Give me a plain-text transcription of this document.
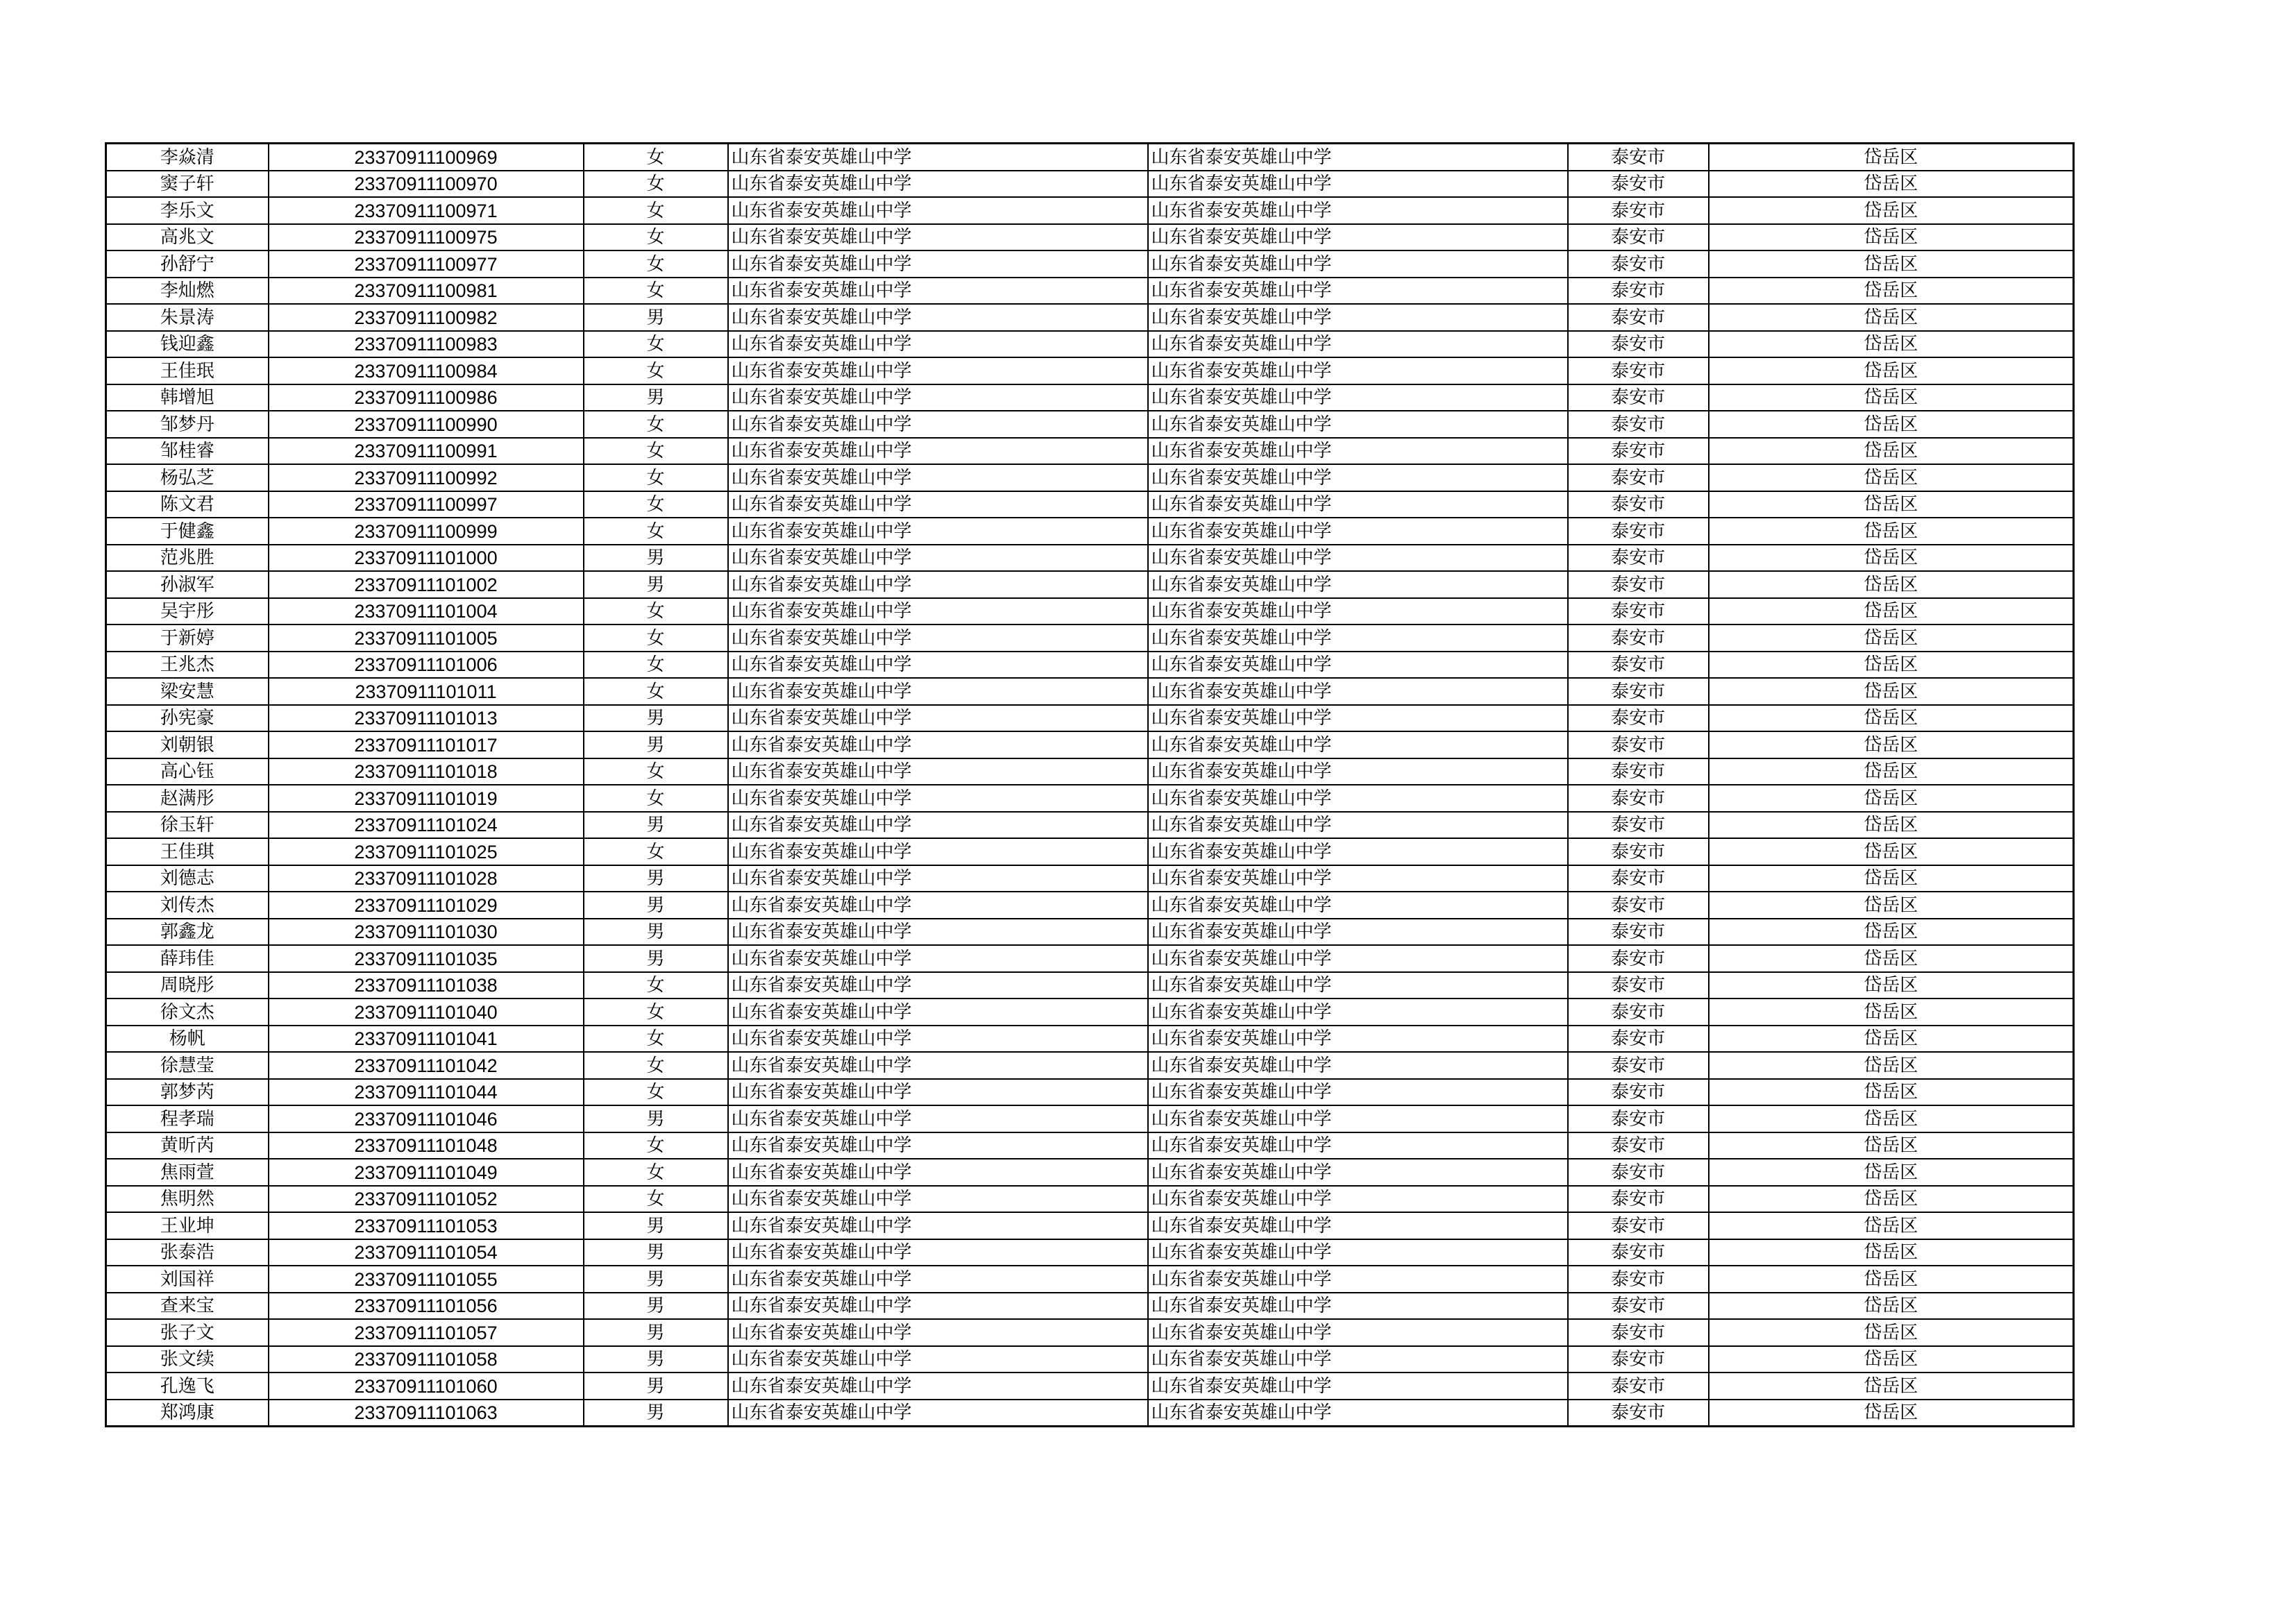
李焱清	23370911100969	女	山东省泰安英雄山中学	山东省泰安英雄山中学	泰安市	岱岳区
窦子轩	23370911100970	女	山东省泰安英雄山中学	山东省泰安英雄山中学	泰安市	岱岳区
李乐文	23370911100971	女	山东省泰安英雄山中学	山东省泰安英雄山中学	泰安市	岱岳区
高兆文	23370911100975	女	山东省泰安英雄山中学	山东省泰安英雄山中学	泰安市	岱岳区
孙舒宁	23370911100977	女	山东省泰安英雄山中学	山东省泰安英雄山中学	泰安市	岱岳区
李灿燃	23370911100981	女	山东省泰安英雄山中学	山东省泰安英雄山中学	泰安市	岱岳区
朱景涛	23370911100982	男	山东省泰安英雄山中学	山东省泰安英雄山中学	泰安市	岱岳区
钱迎鑫	23370911100983	女	山东省泰安英雄山中学	山东省泰安英雄山中学	泰安市	岱岳区
王佳珉	23370911100984	女	山东省泰安英雄山中学	山东省泰安英雄山中学	泰安市	岱岳区
韩增旭	23370911100986	男	山东省泰安英雄山中学	山东省泰安英雄山中学	泰安市	岱岳区
邹梦丹	23370911100990	女	山东省泰安英雄山中学	山东省泰安英雄山中学	泰安市	岱岳区
邹桂睿	23370911100991	女	山东省泰安英雄山中学	山东省泰安英雄山中学	泰安市	岱岳区
杨弘芝	23370911100992	女	山东省泰安英雄山中学	山东省泰安英雄山中学	泰安市	岱岳区
陈文君	23370911100997	女	山东省泰安英雄山中学	山东省泰安英雄山中学	泰安市	岱岳区
于健鑫	23370911100999	女	山东省泰安英雄山中学	山东省泰安英雄山中学	泰安市	岱岳区
范兆胜	23370911101000	男	山东省泰安英雄山中学	山东省泰安英雄山中学	泰安市	岱岳区
孙淑军	23370911101002	男	山东省泰安英雄山中学	山东省泰安英雄山中学	泰安市	岱岳区
吴宇彤	23370911101004	女	山东省泰安英雄山中学	山东省泰安英雄山中学	泰安市	岱岳区
于新婷	23370911101005	女	山东省泰安英雄山中学	山东省泰安英雄山中学	泰安市	岱岳区
王兆杰	23370911101006	女	山东省泰安英雄山中学	山东省泰安英雄山中学	泰安市	岱岳区
梁安慧	23370911101011	女	山东省泰安英雄山中学	山东省泰安英雄山中学	泰安市	岱岳区
孙宪豪	23370911101013	男	山东省泰安英雄山中学	山东省泰安英雄山中学	泰安市	岱岳区
刘朝银	23370911101017	男	山东省泰安英雄山中学	山东省泰安英雄山中学	泰安市	岱岳区
高心钰	23370911101018	女	山东省泰安英雄山中学	山东省泰安英雄山中学	泰安市	岱岳区
赵满彤	23370911101019	女	山东省泰安英雄山中学	山东省泰安英雄山中学	泰安市	岱岳区
徐玉轩	23370911101024	男	山东省泰安英雄山中学	山东省泰安英雄山中学	泰安市	岱岳区
王佳琪	23370911101025	女	山东省泰安英雄山中学	山东省泰安英雄山中学	泰安市	岱岳区
刘德志	23370911101028	男	山东省泰安英雄山中学	山东省泰安英雄山中学	泰安市	岱岳区
刘传杰	23370911101029	男	山东省泰安英雄山中学	山东省泰安英雄山中学	泰安市	岱岳区
郭鑫龙	23370911101030	男	山东省泰安英雄山中学	山东省泰安英雄山中学	泰安市	岱岳区
薛玮佳	23370911101035	男	山东省泰安英雄山中学	山东省泰安英雄山中学	泰安市	岱岳区
周晓彤	23370911101038	女	山东省泰安英雄山中学	山东省泰安英雄山中学	泰安市	岱岳区
徐文杰	23370911101040	女	山东省泰安英雄山中学	山东省泰安英雄山中学	泰安市	岱岳区
杨帆	23370911101041	女	山东省泰安英雄山中学	山东省泰安英雄山中学	泰安市	岱岳区
徐慧莹	23370911101042	女	山东省泰安英雄山中学	山东省泰安英雄山中学	泰安市	岱岳区
郭梦芮	23370911101044	女	山东省泰安英雄山中学	山东省泰安英雄山中学	泰安市	岱岳区
程孝瑞	23370911101046	男	山东省泰安英雄山中学	山东省泰安英雄山中学	泰安市	岱岳区
黄昕芮	23370911101048	女	山东省泰安英雄山中学	山东省泰安英雄山中学	泰安市	岱岳区
焦雨萱	23370911101049	女	山东省泰安英雄山中学	山东省泰安英雄山中学	泰安市	岱岳区
焦明然	23370911101052	女	山东省泰安英雄山中学	山东省泰安英雄山中学	泰安市	岱岳区
王业坤	23370911101053	男	山东省泰安英雄山中学	山东省泰安英雄山中学	泰安市	岱岳区
张泰浩	23370911101054	男	山东省泰安英雄山中学	山东省泰安英雄山中学	泰安市	岱岳区
刘国祥	23370911101055	男	山东省泰安英雄山中学	山东省泰安英雄山中学	泰安市	岱岳区
查来宝	23370911101056	男	山东省泰安英雄山中学	山东省泰安英雄山中学	泰安市	岱岳区
张子文	23370911101057	男	山东省泰安英雄山中学	山东省泰安英雄山中学	泰安市	岱岳区
张文续	23370911101058	男	山东省泰安英雄山中学	山东省泰安英雄山中学	泰安市	岱岳区
孔逸飞	23370911101060	男	山东省泰安英雄山中学	山东省泰安英雄山中学	泰安市	岱岳区
郑鸿康	23370911101063	男	山东省泰安英雄山中学	山东省泰安英雄山中学	泰安市	岱岳区
